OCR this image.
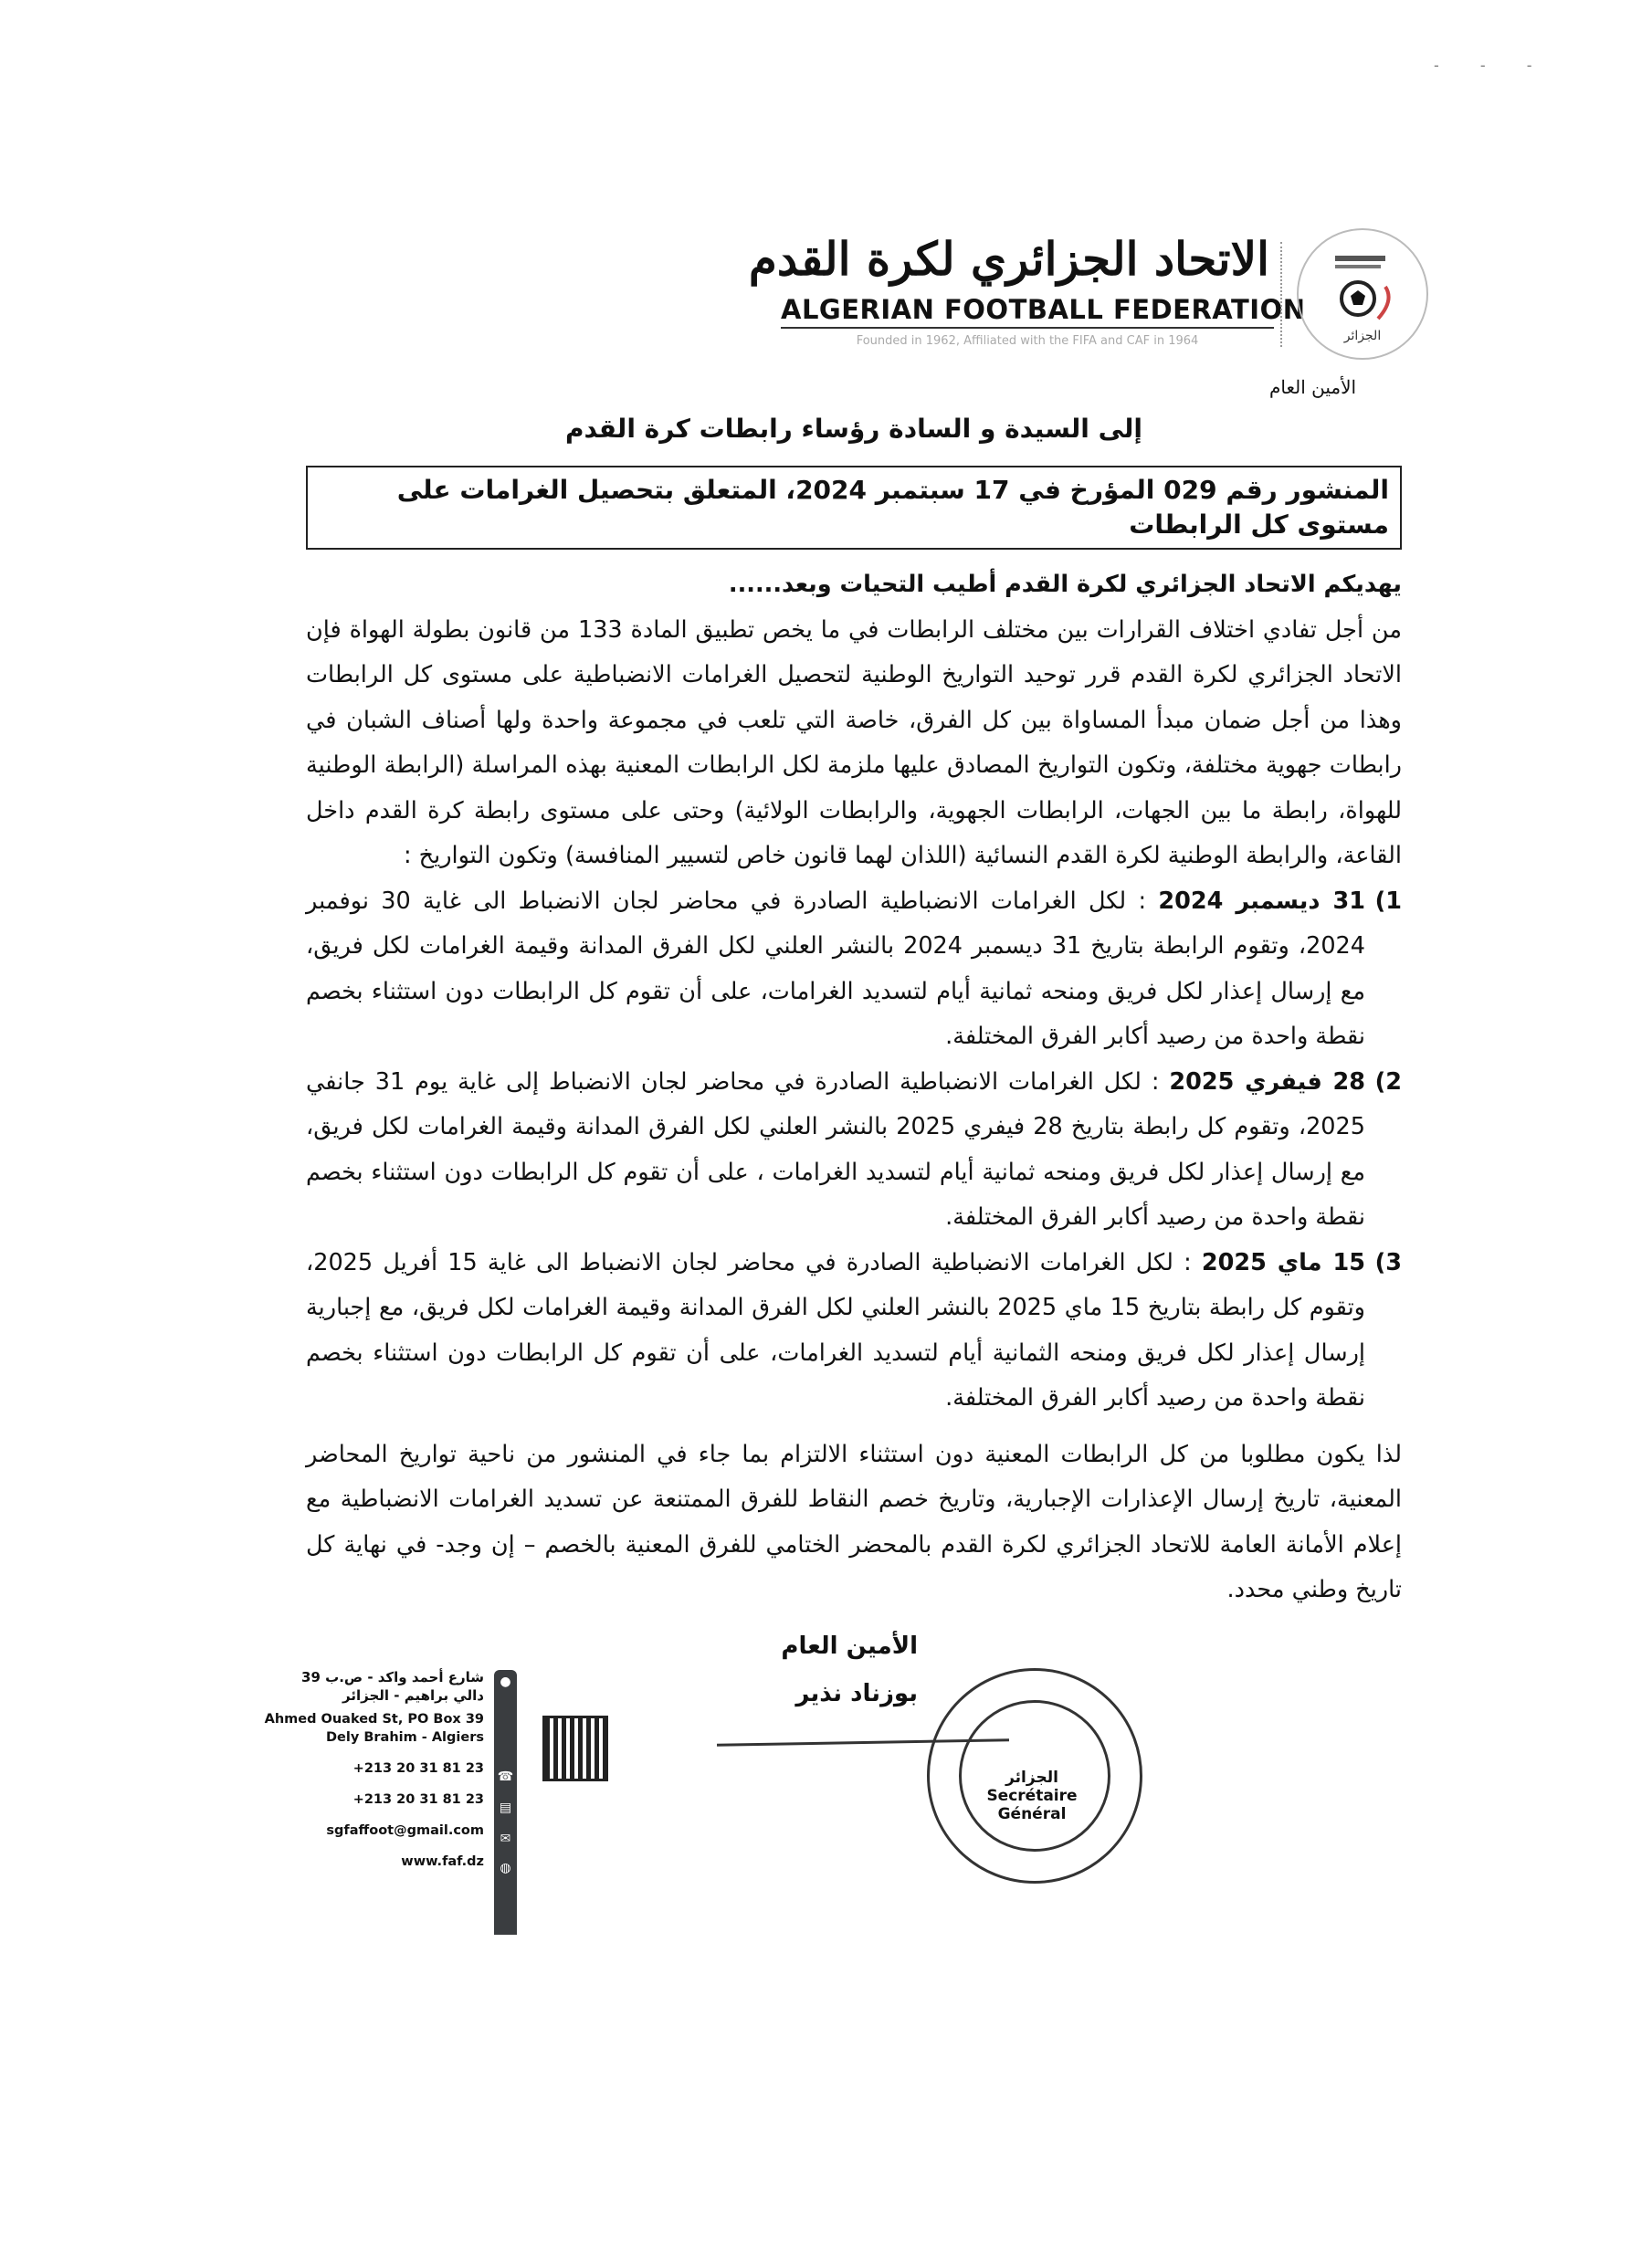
- - -
الاتحاد الجزائري لكرة القدم
ALGERIAN FOOTBALL FEDERATION
Founded in 1962, Affiliated with the FIFA and CAF in 1964	الجزائر
الأمين العام
إلى السيدة و السادة رؤساء رابطات كرة القدم
المنشور رقم 029 المؤرخ في 17 سبتمبر 2024، المتعلق بتحصيل الغرامات على مستوى كل الرابطات

يهديكم الاتحاد الجزائري لكرة القدم أطيب التحيات وبعد......

من أجل تفادي اختلاف القرارات بين مختلف الرابطات في ما يخص تطبيق المادة 133 من قانون بطولة الهواة فإن الاتحاد الجزائري لكرة القدم قرر توحيد التواريخ الوطنية لتحصيل الغرامات الانضباطية على مستوى كل الرابطات وهذا من أجل ضمان مبدأ المساواة بين كل الفرق، خاصة التي تلعب في مجموعة واحدة ولها أصناف الشبان في رابطات جهوية مختلفة، وتكون التواريخ المصادق عليها ملزمة لكل الرابطات المعنية بهذه المراسلة (الرابطة الوطنية للهواة، رابطة ما بين الجهات، الرابطات الجهوية، والرابطات الولائية) وحتى على مستوى رابطة كرة القدم داخل القاعة، والرابطة الوطنية لكرة القدم النسائية (اللذان لهما قانون خاص لتسيير المنافسة) وتكون التواريخ :

1)
31 ديسمبر 2024 : لكل الغرامات الانضباطية الصادرة في محاضر لجان الانضباط الى غاية 30 نوفمبر 2024، وتقوم الرابطة بتاريخ 31 ديسمبر 2024 بالنشر العلني لكل الفرق المدانة وقيمة الغرامات لكل فريق، مع إرسال إعذار لكل فريق ومنحه ثمانية أيام لتسديد الغرامات، على أن تقوم كل الرابطات دون استثناء بخصم نقطة واحدة من رصيد أكابر الفرق المختلفة.
2)
28 فيفري 2025 : لكل الغرامات الانضباطية الصادرة في محاضر لجان الانضباط إلى غاية يوم 31 جانفي 2025، وتقوم كل رابطة بتاريخ 28 فيفري 2025 بالنشر العلني لكل الفرق المدانة وقيمة الغرامات لكل فريق، مع إرسال إعذار لكل فريق ومنحه ثمانية أيام لتسديد الغرامات ، على أن تقوم كل الرابطات دون استثناء بخصم نقطة واحدة من رصيد أكابر الفرق المختلفة.
3)
15 ماي 2025 : لكل الغرامات الانضباطية الصادرة في محاضر لجان الانضباط الى غاية 15 أفريل 2025، وتقوم كل رابطة بتاريخ 15 ماي 2025 بالنشر العلني لكل الفرق المدانة وقيمة الغرامات لكل فريق، مع إجبارية إرسال إعذار لكل فريق ومنحه الثمانية أيام لتسديد الغرامات، على أن تقوم كل الرابطات دون استثناء بخصم نقطة واحدة من رصيد أكابر الفرق المختلفة.

لذا يكون مطلوبا من كل الرابطات المعنية دون استثناء الالتزام بما جاء في المنشور من ناحية تواريخ المحاضر المعنية، تاريخ إرسال الإعذارات الإجبارية، وتاريخ خصم النقاط للفرق الممتنعة عن تسديد الغرامات الانضباطية مع إعلام الأمانة العامة للاتحاد الجزائري لكرة القدم بالمحضر الختامي للفرق المعنية بالخصم – إن وجد- في نهاية كل تاريخ وطني محدد.

شارع أحمد واكد - ص.ب 39
دالي براهيم - الجزائر
Ahmed Ouaked St, PO Box 39
Dely Brahim - Algiers
+213 20 31 81 23
+213 20 31 81 23
sgfaffoot@gmail.com
www.faf.dz
●
☎
▤
✉
◍
الأمين العام
بوزناد نذير
الجزائر
Secrétaire Général
